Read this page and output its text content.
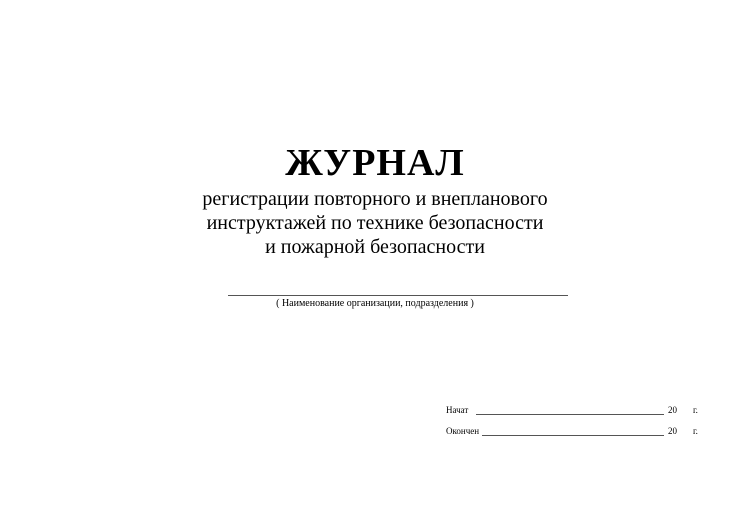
ЖУРНАЛ
регистрации повторного и внепланового
инструктажей по технике безопасности
и пожарной безопасности
( Наименование организации, подразделения )
Начат	20 г.
Окончен	20 г.
